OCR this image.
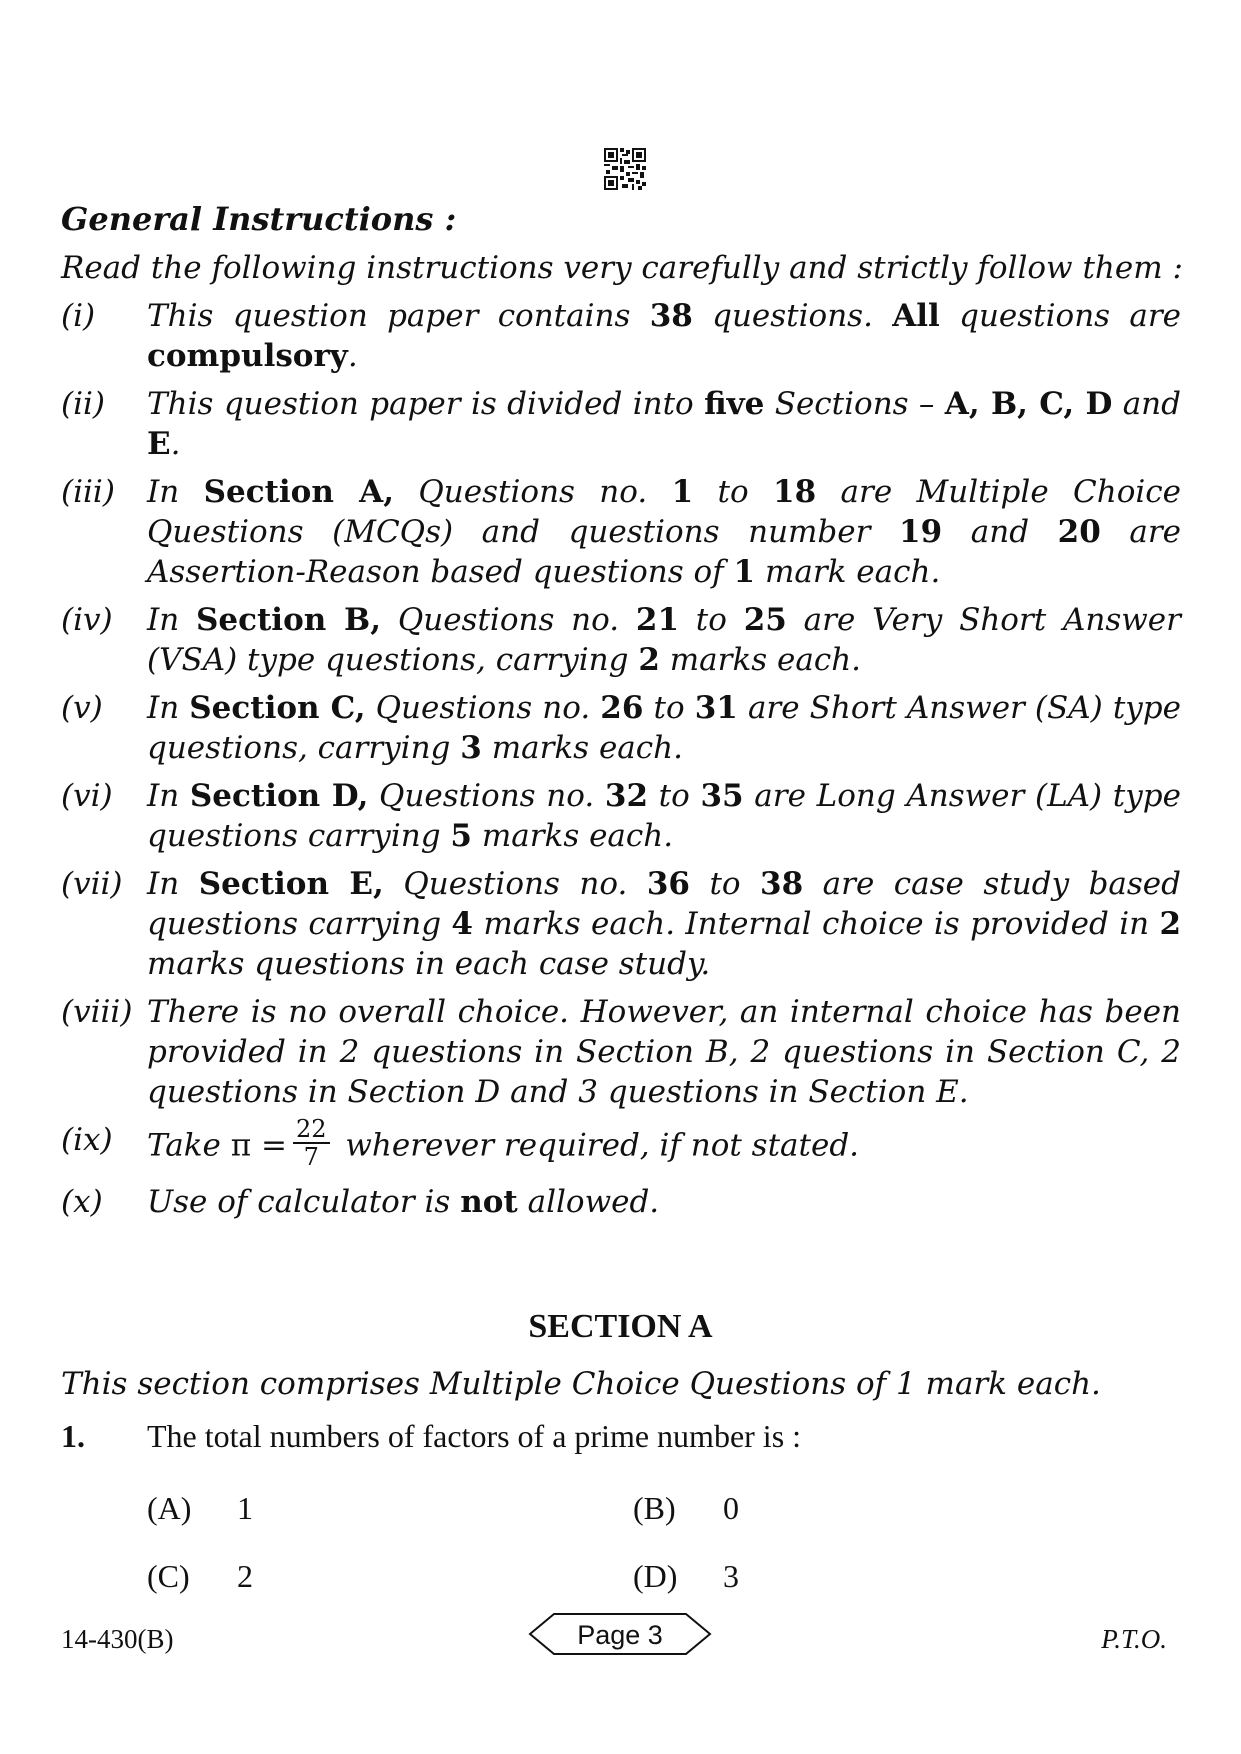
General Instructions :
Read the following instructions very carefully and strictly follow them :
(i)	This question paper contains 38 questions. All questions are compulsory.
(ii)	This question paper is divided into five Sections – A, B, C, D and E.
(iii)	In Section A, Questions no. 1 to 18 are Multiple Choice Questions (MCQs) and questions number 19 and 20 are Assertion-Reason based questions of 1 mark each.
(iv)	In Section B, Questions no. 21 to 25 are Very Short Answer (VSA) type questions, carrying 2 marks each.
(v)	In Section C, Questions no. 26 to 31 are Short Answer (SA) type questions, carrying 3 marks each.
(vi)	In Section D, Questions no. 32 to 35 are Long Answer (LA) type questions carrying 5 marks each.
(vii) In Section E, Questions no. 36 to 38 are case study based questions carrying 4 marks each. Internal choice is provided in 2 marks questions in each case study.
(viii) There is no overall choice. However, an internal choice has been provided in 2 questions in Section B, 2 questions in Section C, 2 questions in Section D and 3 questions in Section E.
(ix)	Take $\pi = \frac{22}{7}$ wherever required, if not stated.
(x)	Use of calculator is not allowed.
SECTION A
This section comprises Multiple Choice Questions of 1 mark each.
1.	The total numbers of factors of a prime number is :
(A)	1	(B)	0
(C)	2	(D)	3
14-430(B)	Page 3	P.T.O.
